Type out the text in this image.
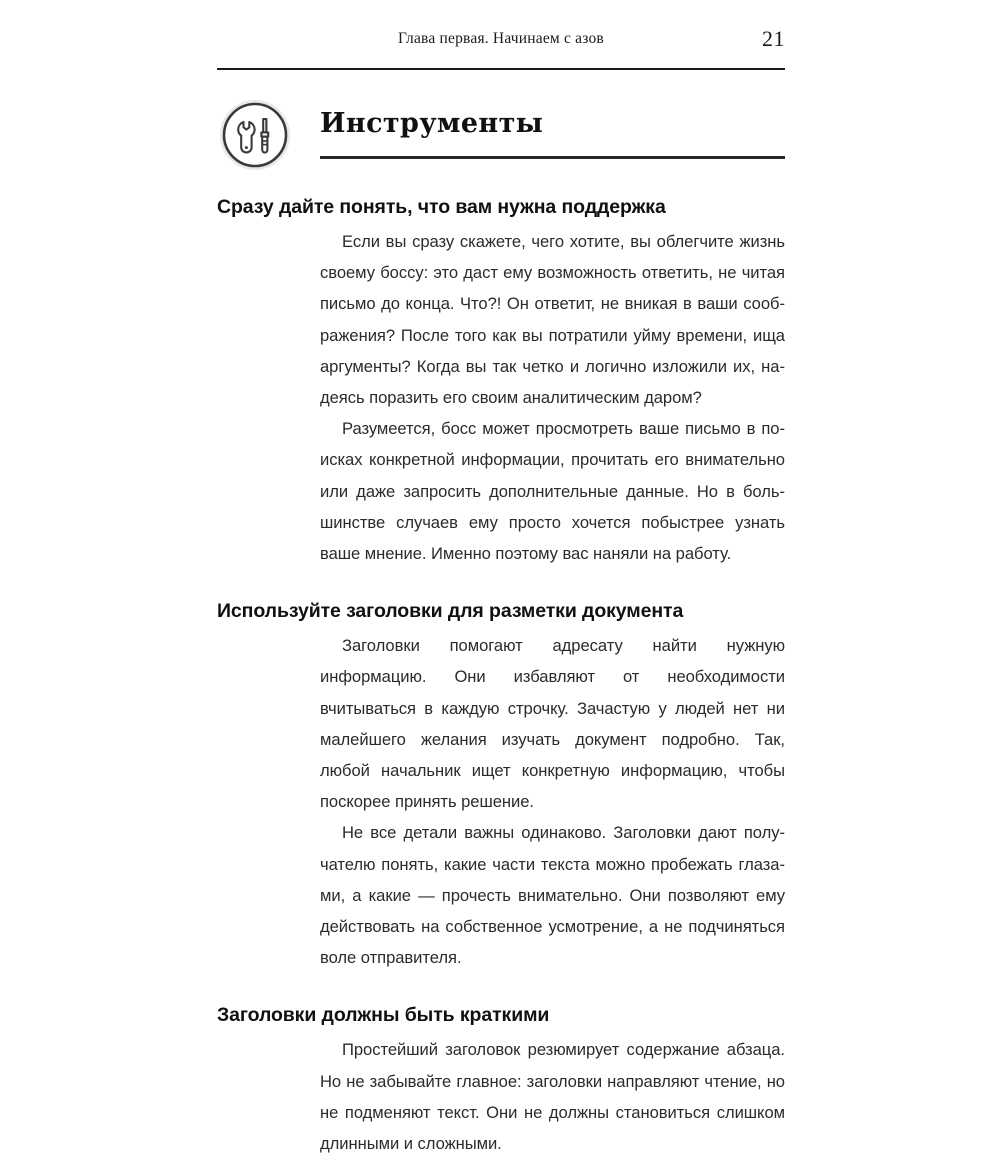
Глава первая. Начинаем с азов	21
Инструменты
Сразу дайте понять, что вам нужна поддержка

Если вы сразу скажете, чего хотите, вы облегчите жизнь своему боссу: это даст ему возможность ответить, не читая письмо до конца. Что?! Он ответит, не вникая в ваши соображения? После того как вы потратили уйму времени, ища аргументы? Когда вы так четко и логично изложили их, надеясь поразить его своим аналитическим даром?

Разумеется, босс может просмотреть ваше письмо в поисках конкретной информации, прочитать его внимательно или даже запросить дополнительные данные. Но в большинстве случаев ему просто хочется побыстрее узнать ваше мнение. Именно поэтому вас наняли на работу.

Используйте заголовки для разметки документа

Заголовки помогают адресату найти нужную информацию. Они избавляют от необходимости вчитываться в каждую строчку. Зачастую у людей нет ни малейшего желания изучать документ подробно. Так, любой начальник ищет конкретную информацию, чтобы поскорее принять решение.

Не все детали важны одинаково. Заголовки дают получателю понять, какие части текста можно пробежать глазами, а какие — прочесть внимательно. Они позволяют ему действовать на собственное усмотрение, а не подчиняться воле отправителя.

Заголовки должны быть краткими

Простейший заголовок резюмирует содержание абзаца. Но не забывайте главное: заголовки направляют чтение, но не подменяют текст. Они не должны становиться слишком длинными и сложными.
